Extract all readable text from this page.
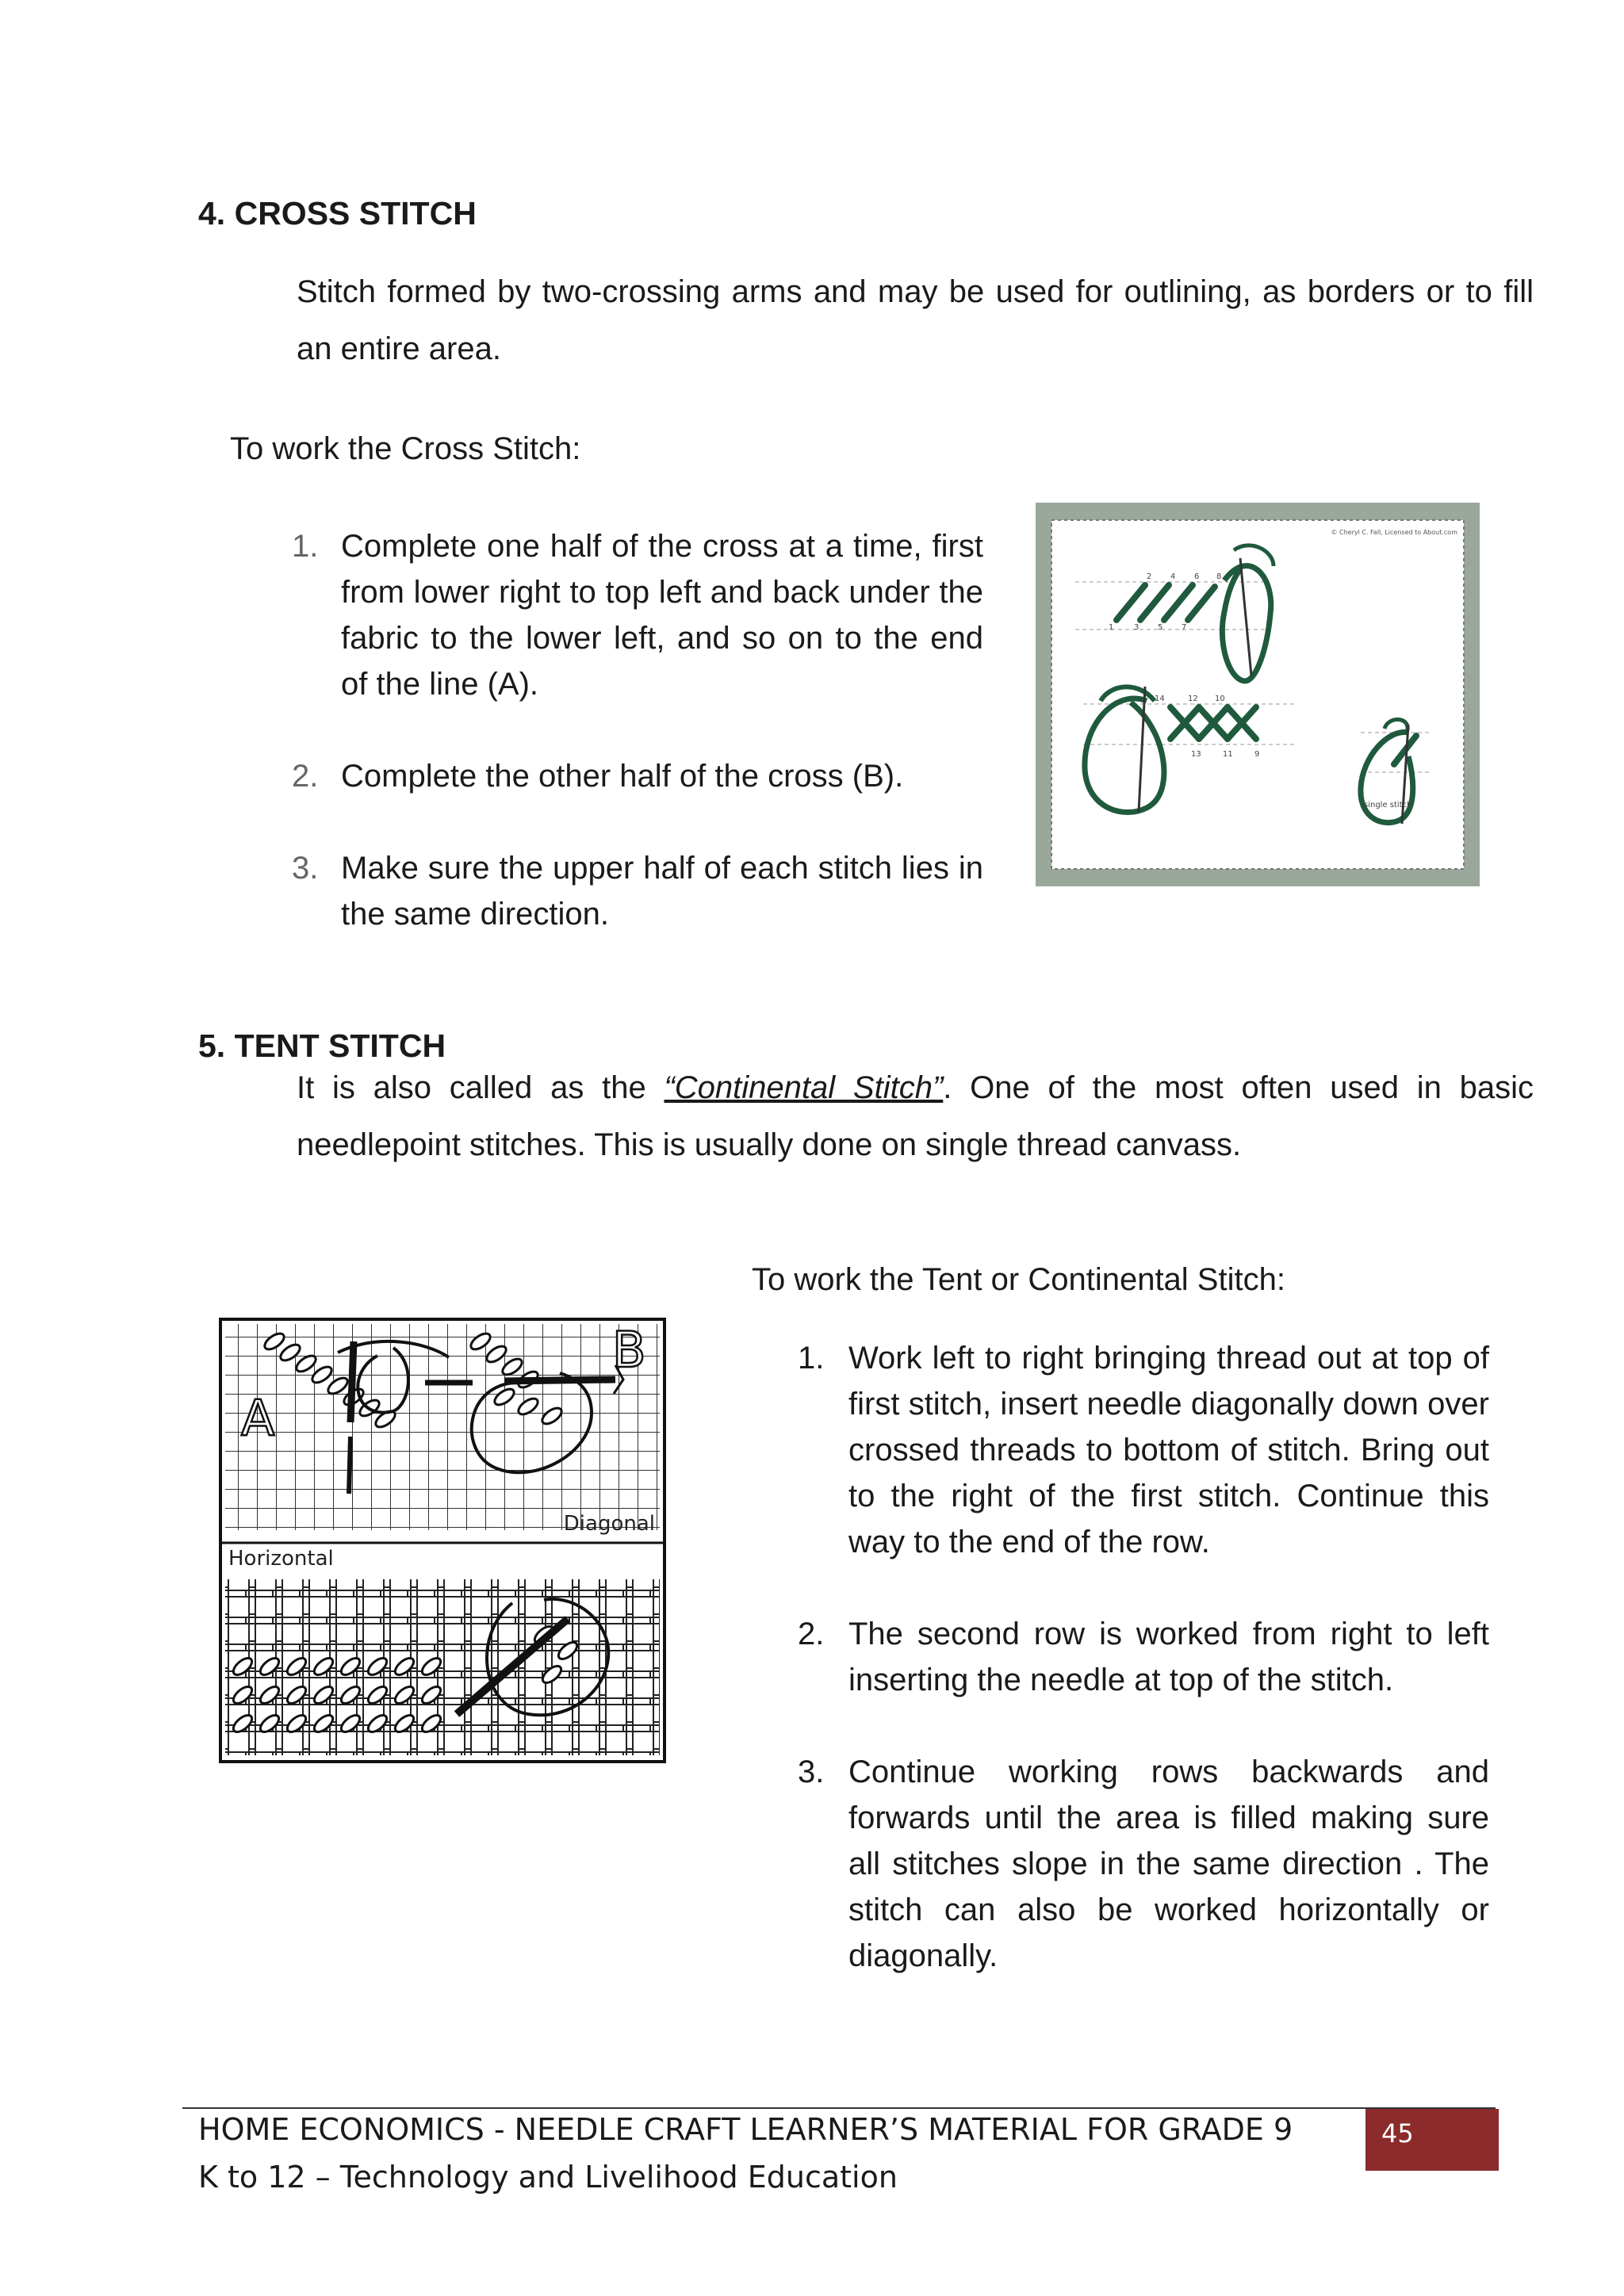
4. CROSS STITCH

Stitch formed by two-crossing arms and may be used for outlining, as borders or to fill an entire area.

To work the Cross Stitch:

1. Complete one half of the cross at a time, first from lower right to top left and back under the fabric to the lower left, and so on to the end of the line (A).
2. Complete the other half of the cross (B).
3. Make sure the upper half of each stitch lies in the same direction.
© Cheryl C. Fall, Licensed to About.com
single stitch
1
2
3
4
5
6
7
8
9
10
11
12
13
14
5. TENT STITCH

It is also called as the “Continental Stitch”. One of the most often used in basic needlepoint stitches. This is usually done on single thread canvass.

To work the Tent or Continental Stitch:

1. Work left to right bringing thread out at top of first stitch, insert needle diagonally down over crossed threads to bottom of stitch. Bring out to the right of the first stitch. Continue this way to the end of the row.
2. The second row is worked from right to left inserting the needle at top of the stitch.
3. Continue working rows backwards and forwards until the area is filled making sure all stitches slope in the same direction . The stitch can also be worked horizontally or diagonally.
A
B
Diagonal
Horizontal

HOME ECONOMICS - NEEDLE CRAFT LEARNER’S MATERIAL FOR GRADE 9

K to 12 – Technology and Livelihood Education

45
